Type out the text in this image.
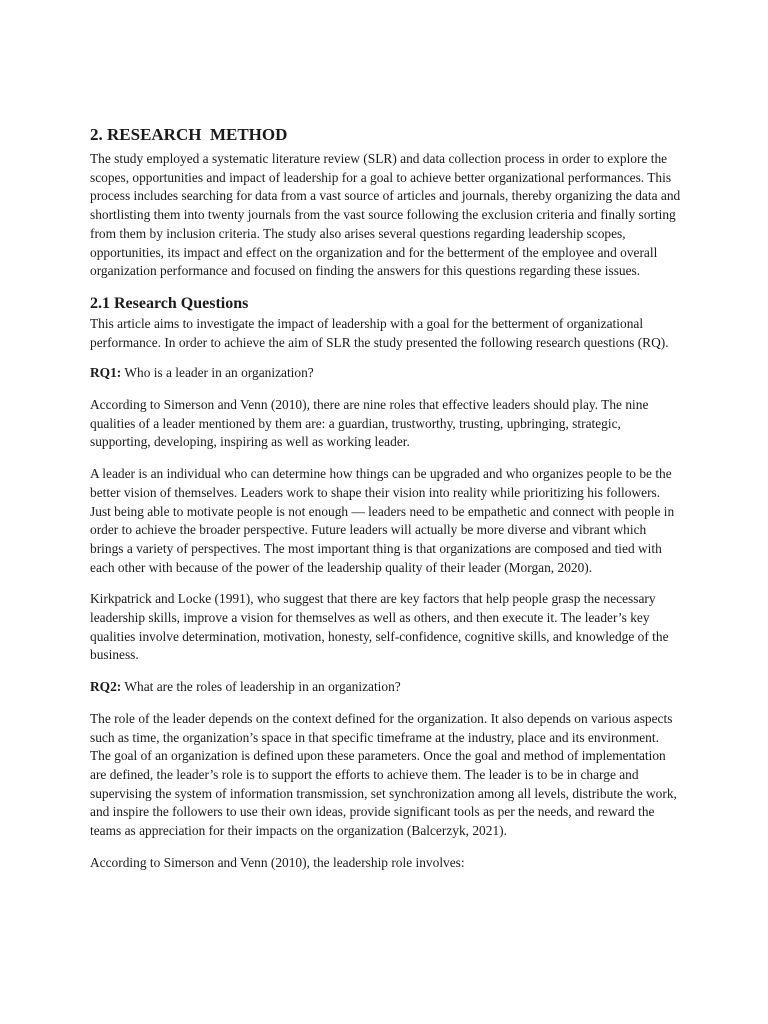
2. RESEARCH  METHOD

The study employed a systematic literature review (SLR) and data collection process in order to explore the scopes, opportunities and impact of leadership for a goal to achieve better organizational performances. This process includes searching for data from a vast source of articles and journals, thereby organizing the data and shortlisting them into twenty journals from the vast source following the exclusion criteria and finally sorting from them by inclusion criteria. The study also arises several questions regarding leadership scopes, opportunities, its impact and effect on the organization and for the betterment of the employee and overall organization performance and focused on finding the answers for this questions regarding these issues.

2.1 Research Questions

This article aims to investigate the impact of leadership with a goal for the betterment of organizational performance. In order to achieve the aim of SLR the study presented the following research questions (RQ).

RQ1: Who is a leader in an organization?

According to Simerson and Venn (2010), there are nine roles that effective leaders should play. The nine qualities of a leader mentioned by them are: a guardian, trustworthy, trusting, upbringing, strategic, supporting, developing, inspiring as well as working leader.

A leader is an individual who can determine how things can be upgraded and who organizes people to be the better vision of themselves. Leaders work to shape their vision into reality while prioritizing his followers. Just being able to motivate people is not enough — leaders need to be empathetic and connect with people in order to achieve the broader perspective. Future leaders will actually be more diverse and vibrant which brings a variety of perspectives. The most important thing is that organizations are composed and tied with each other with because of the power of the leadership quality of their leader (Morgan, 2020).

Kirkpatrick and Locke (1991), who suggest that there are key factors that help people grasp the necessary leadership skills, improve a vision for themselves as well as others, and then execute it. The leader’s key qualities involve determination, motivation, honesty, self-confidence, cognitive skills, and knowledge of the business.

RQ2: What are the roles of leadership in an organization?

The role of the leader depends on the context defined for the organization. It also depends on various aspects such as time, the organization’s space in that specific timeframe at the industry, place and its environment. The goal of an organization is defined upon these parameters. Once the goal and method of implementation are defined, the leader’s role is to support the efforts to achieve them. The leader is to be in charge and supervising the system of information transmission, set synchronization among all levels, distribute the work, and inspire the followers to use their own ideas, provide significant tools as per the needs, and reward the teams as appreciation for their impacts on the organization (Balcerzyk, 2021).

According to Simerson and Venn (2010), the leadership role involves:
